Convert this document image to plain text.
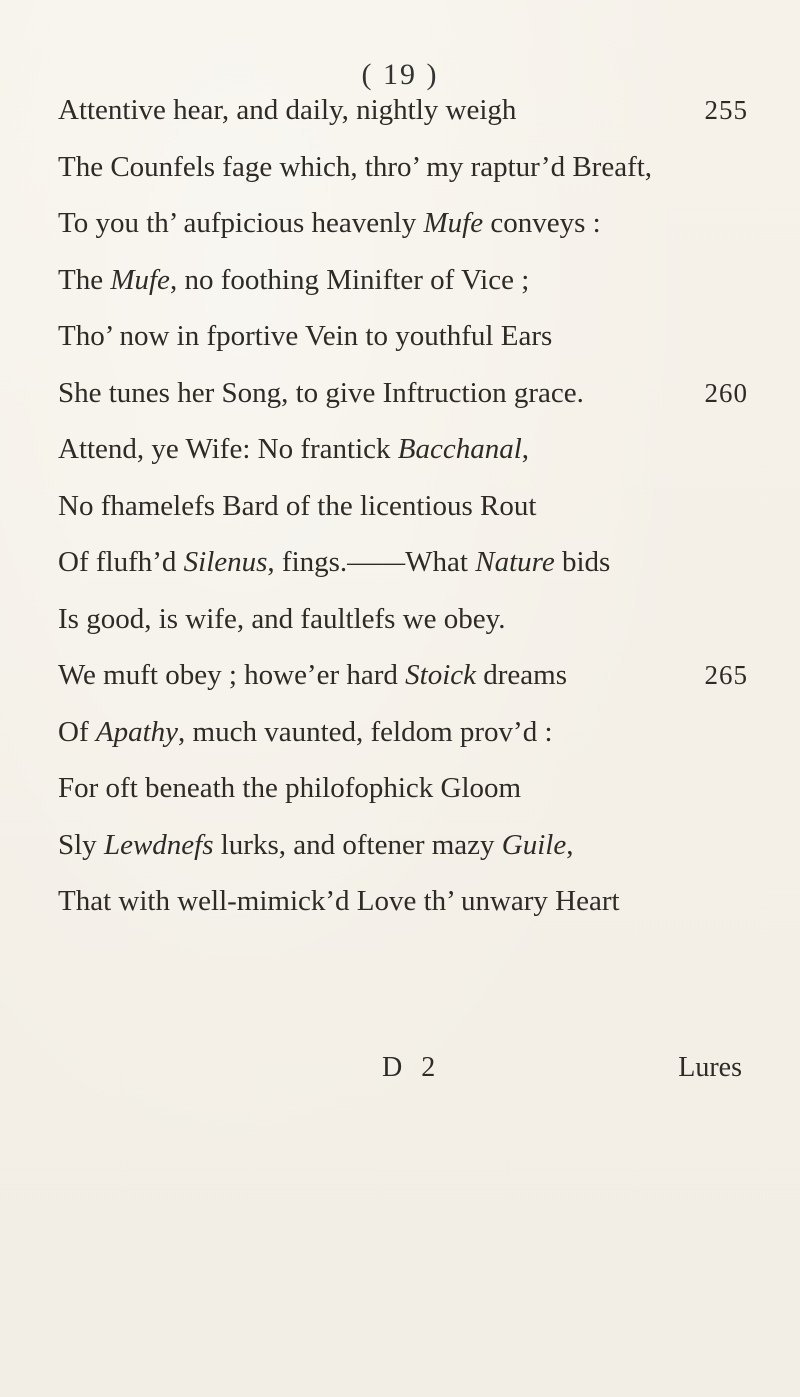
( 19 )
Attentive hear, and daily, nightly weigh	255
The Counfels fage which, thro’ my raptur’d Breaft,
To you th’ aufpicious heavenly Mufe conveys :
The Mufe, no foothing Minifter of Vice ;
Tho’ now in fportive Vein to youthful Ears
She tunes her Song, to give Inftruction grace.	260
Attend, ye Wife: No frantick Bacchanal,
No fhamelefs Bard of the licentious Rout
Of flufh’d Silenus, fings.——What Nature bids
Is good, is wife, and faultlefs we obey.
We muft obey ; howe’er hard Stoick dreams	265
Of Apathy, much vaunted, feldom prov’d :
For oft beneath the philofophick Gloom
Sly Lewdnefs lurks, and oftener mazy Guile,
That with well-mimick’d Love th’ unwary Heart
D 2	Lures
